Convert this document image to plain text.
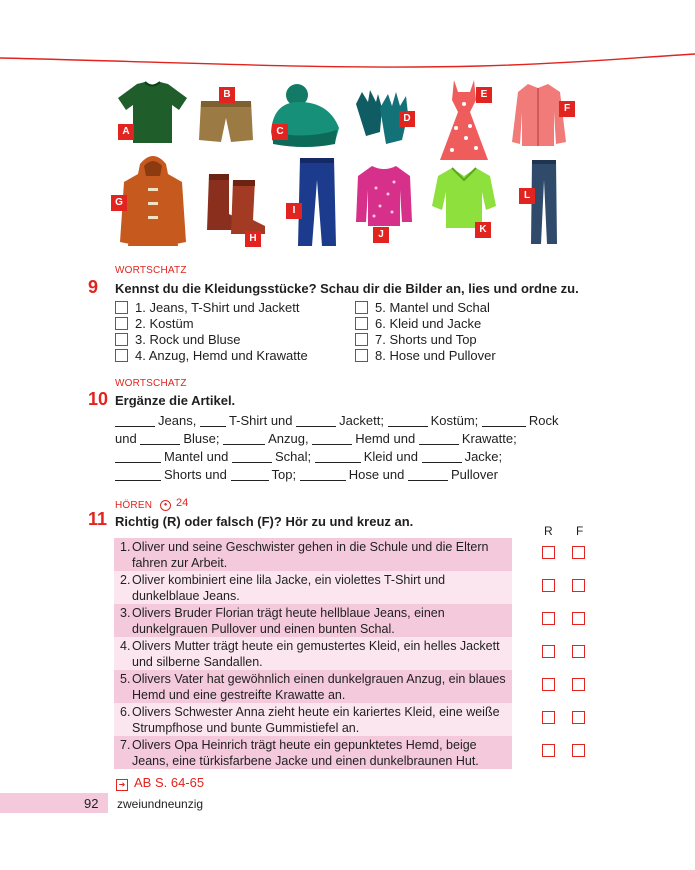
A
B
C
D
E
F
G
H
I
J	K
L
WORTSCHATZ
9 Kennst du die Kleidungsstücke? Schau dir die Bilder an, lies und ordne zu.
1. Jeans, T-Shirt und Jackett
2. Kostüm
3. Rock und Bluse
4. Anzug, Hemd und Krawatte
5. Mantel und Schal
6. Kleid und Jacke
7. Shorts und Top
8. Hose und Pullover
WORTSCHATZ
10 Ergänze die Artikel.
Jeans,	T-Shirt und	Jackett;	Kostüm;	Rock
und	Bluse;	Anzug,	Hemd und	Krawatte;
Mantel und	Schal;	Kleid und	Jacke;
Shorts und	Top;	Hose und	Pullover
HÖREN	● 24
11 Richtig (R) oder falsch (F)? Hör zu und kreuz an.
R F
1. Oliver und seine Geschwister gehen in die Schule und die Eltern fahren zur Arbeit.
2. Oliver kombiniert eine lila Jacke, ein violettes T-Shirt und dunkelblaue Jeans.
3. Olivers Bruder Florian trägt heute hellblaue Jeans, einen dunkelgrauen Pullover und einen bunten Schal.
4. Olivers Mutter trägt heute ein gemustertes Kleid, ein helles Jackett und silberne Sandallen.
5. Olivers Vater hat gewöhnlich einen dunkelgrauen Anzug, ein blaues Hemd und eine gestreifte Krawatte an.
6. Olivers Schwester Anna zieht heute ein kariertes Kleid, eine weiße Strumpfhose und bunte Gummistiefel an.
7. Olivers Opa Heinrich trägt heute ein gepunktetes Hemd, beige Jeans, eine türkisfarbene Jacke und einen dunkelbraunen Hut.
➜ AB S. 64-65
92 zweiundneunzig
